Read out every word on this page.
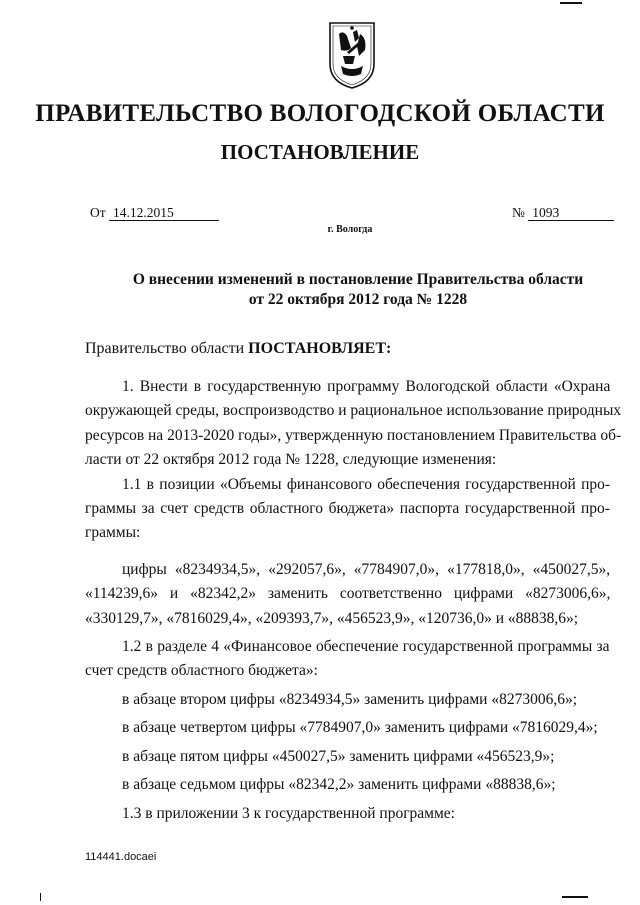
ПРАВИТЕЛЬСТВО ВОЛОГОДСКОЙ ОБЛАСТИ
ПОСТАНОВЛЕНИЕ
От 14.12.2015	№ 1093
г. Вологда
О внесении изменений в постановление Правительства области
от 22 октября 2012 года № 1228
Правительство области ПОСТАНОВЛЯЕТ:
1. Внести в государственную программу Вологодской области «Охрана
окружающей среды, воспроизводство и рациональное использование природных
ресурсов на 2013-2020 годы», утвержденную постановлением Правительства об-
ласти от 22 октября 2012 года № 1228, следующие изменения:
1.1 в позиции «Объемы финансового обеспечения государственной про-
граммы за счет средств областного бюджета» паспорта государственной про-
граммы:
цифры «8234934,5», «292057,6», «7784907,0», «177818,0», «450027,5»,
«114239,6» и «82342,2» заменить соответственно цифрами «8273006,6»,
«330129,7», «7816029,4», «209393,7», «456523,9», «120736,0» и «88838,6»;
1.2 в разделе 4 «Финансовое обеспечение государственной программы за
счет средств областного бюджета»:
в абзаце втором цифры «8234934,5» заменить цифрами «8273006,6»;
в абзаце четвертом цифры «7784907,0» заменить цифрами «7816029,4»;
в абзаце пятом цифры «450027,5» заменить цифрами «456523,9»;
в абзаце седьмом цифры «82342,2» заменить цифрами «88838,6»;
1.3 в приложении 3 к государственной программе:
114441.docaei
